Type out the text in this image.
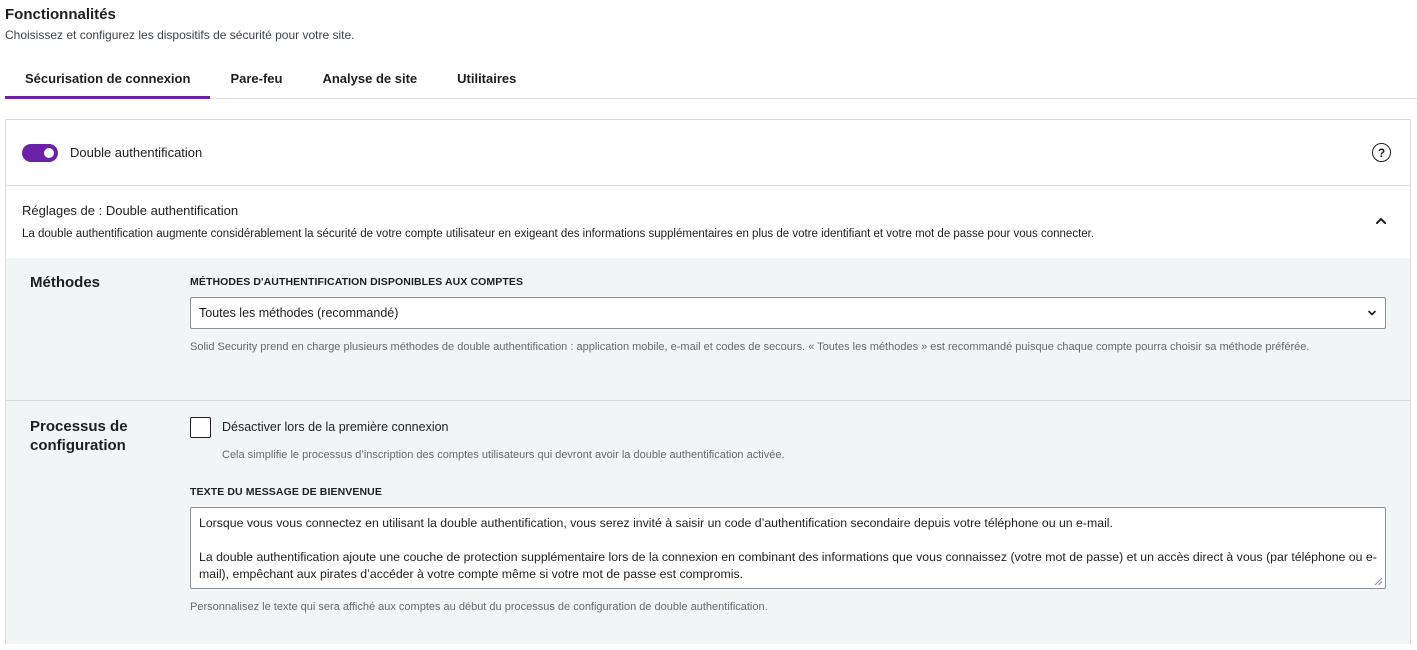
Fonctionnalités
Choisissez et configurez les dispositifs de sécurité pour votre site.
Sécurisation de connexion	Pare-feu	Analyse de site	Utilitaires
Double authentification	?
Réglages de : Double authentification
La double authentification augmente considérablement la sécurité de votre compte utilisateur en exigeant des informations supplémentaires en plus de votre identifiant et votre mot de passe pour vous connecter.
Méthodes	MÉTHODES D'AUTHENTIFICATION DISPONIBLES AUX COMPTES
Toutes les méthodes (recommandé)
Solid Security prend en charge plusieurs méthodes de double authentification : application mobile, e-mail et codes de secours. « Toutes les méthodes » est recommandé puisque chaque compte pourra choisir sa méthode préférée.
Processus de configuration
Désactiver lors de la première connexion
Cela simplifie le processus d’inscription des comptes utilisateurs qui devront avoir la double authentification activée.
TEXTE DU MESSAGE DE BIENVENUE

Lorsque vous vous connectez en utilisant la double authentification, vous serez invité à saisir un code d’authentification secondaire depuis votre téléphone ou un e-mail.

La double authentification ajoute une couche de protection supplémentaire lors de la connexion en combinant des informations que vous connaissez (votre mot de passe) et un accès direct à vous (par téléphone ou e-mail), empêchant aux pirates d’accéder à votre compte même si votre mot de passe est compromis.

Personnalisez le texte qui sera affiché aux comptes au début du processus de configuration de double authentification.
